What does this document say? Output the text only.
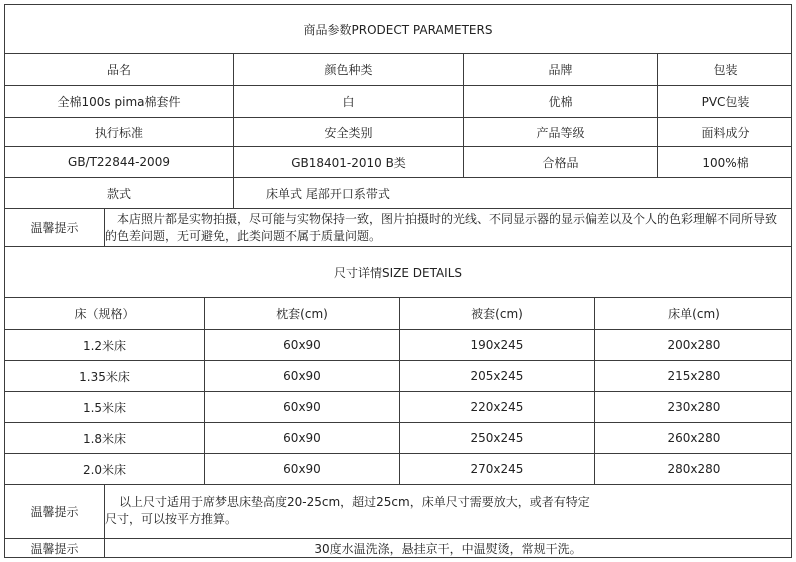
商品参数PRODECT PARAMETERS
品名	颜色种类	品牌	包装
全棉100s pima棉套件	白	优棉	PVC包装
执行标准	安全类别	产品等级	面料成分
GB/T22844-2009	GB18401-2010 B类	合格品	100%棉
款式	床单式 尾部开口系带式
温馨提示
本店照片都是实物拍摄，尽可能与实物保持一致，图片拍摄时的光线、不同显示器的显示偏差以及个人的色彩理解不同所导致的色差问题，无可避免，此类问题不属于质量问题。
尺寸详情SIZE DETAILS
床（规格）	枕套(cm)	被套(cm)	床单(cm)
1.2米床	60x90	190x245	200x280
1.35米床	60x90	205x245	215x280
1.5米床	60x90	220x245	230x280
1.8米床	60x90	250x245	260x280
2.0米床	60x90	270x245	280x280
温馨提示
以上尺寸适用于席梦思床垫高度20-25cm，超过25cm，床单尺寸需要放大，或者有特定尺寸，可以按平方推算。
温馨提示	30度水温洗涤，悬挂京干，中温熨烫，常规干洗。
